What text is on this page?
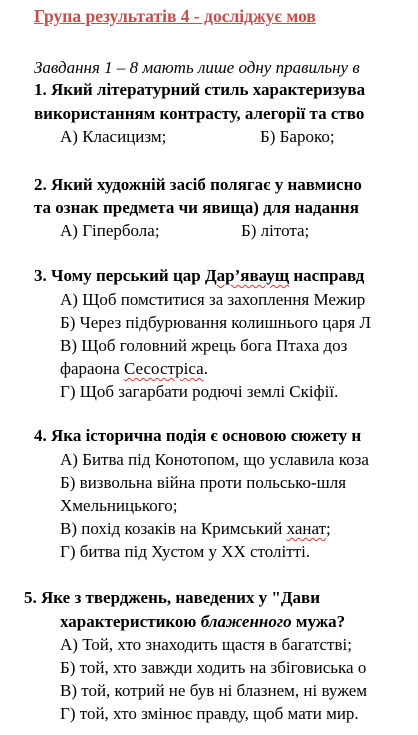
Група результатів 4 - досліджує мов
Завдання 1 – 8 мають лише одну правильну в
1. Який літературний стиль характеризува
використанням контрасту, алегорії та ство
А) Класицизм;	Б) Бароко;
2. Який художній засіб полягає у навмисно
та ознак предмета чи явища) для надання
А) Гіпербола;	Б) літота;
3. Чому перський цар Дар’яваущ насправд
А) Щоб помститися за захоплення Межир
Б) Через підбурювання колишнього царя Л
В) Щоб головний жрець бога Птаха доз
фараона Сесостріса.
Г) Щоб загарбати родючі землі Скіфії.
4. Яка історична подія є основою сюжету н
А) Битва під Конотопом, що уславила коза
Б) визвольна війна проти польсько-шля
Хмельницького;
В) похід козаків на Кримський ханат;
Г) битва під Хустом у ХХ столітті.
5. Яке з тверджень, наведених у "Дави
характеристикою блаженного мужа?
А) Той, хто знаходить щастя в багатстві;
Б) той, хто завжди ходить на збіговиська о
В) той, котрий не був ні блазнем, ні вужем
Г) той, хто змінює правду, щоб мати мир.
